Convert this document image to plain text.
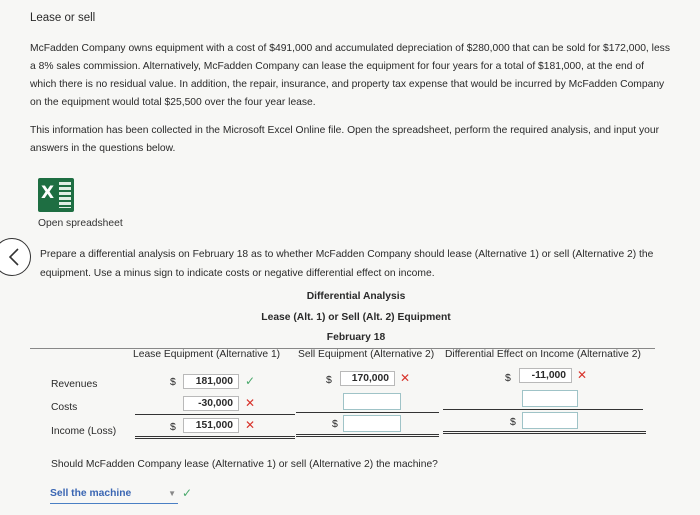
Lease or sell
McFadden Company owns equipment with a cost of $491,000 and accumulated depreciation of $280,000 that can be sold for $172,000, less a 8% sales commission. Alternatively, McFadden Company can lease the equipment for four years for a total of $181,000, at the end of which there is no residual value. In addition, the repair, insurance, and property tax expense that would be incurred by McFadden Company on the equipment would total $25,500 over the four year lease.
This information has been collected in the Microsoft Excel Online file. Open the spreadsheet, perform the required analysis, and input your answers in the questions below.
X
Open spreadsheet
Prepare a differential analysis on February 18 as to whether McFadden Company should lease (Alternative 1) or sell (Alternative 2) the equipment. Use a minus sign to indicate costs or negative differential effect on income.
Differential Analysis
Lease (Alt. 1) or Sell (Alt. 2) Equipment
February 18
Lease Equipment (Alternative 1) Sell Equipment (Alternative 2) Differential Effect on Income (Alternative 2)
Revenues	$	181,000	✓	$	170,000 ✕	$	-11,000 ✕
Costs	-30,000	✕
Income (Loss)	$	151,000	✕	$	$
Should McFadden Company lease (Alternative 1) or sell (Alternative 2) the machine?
Sell the machine	▼ ✓
